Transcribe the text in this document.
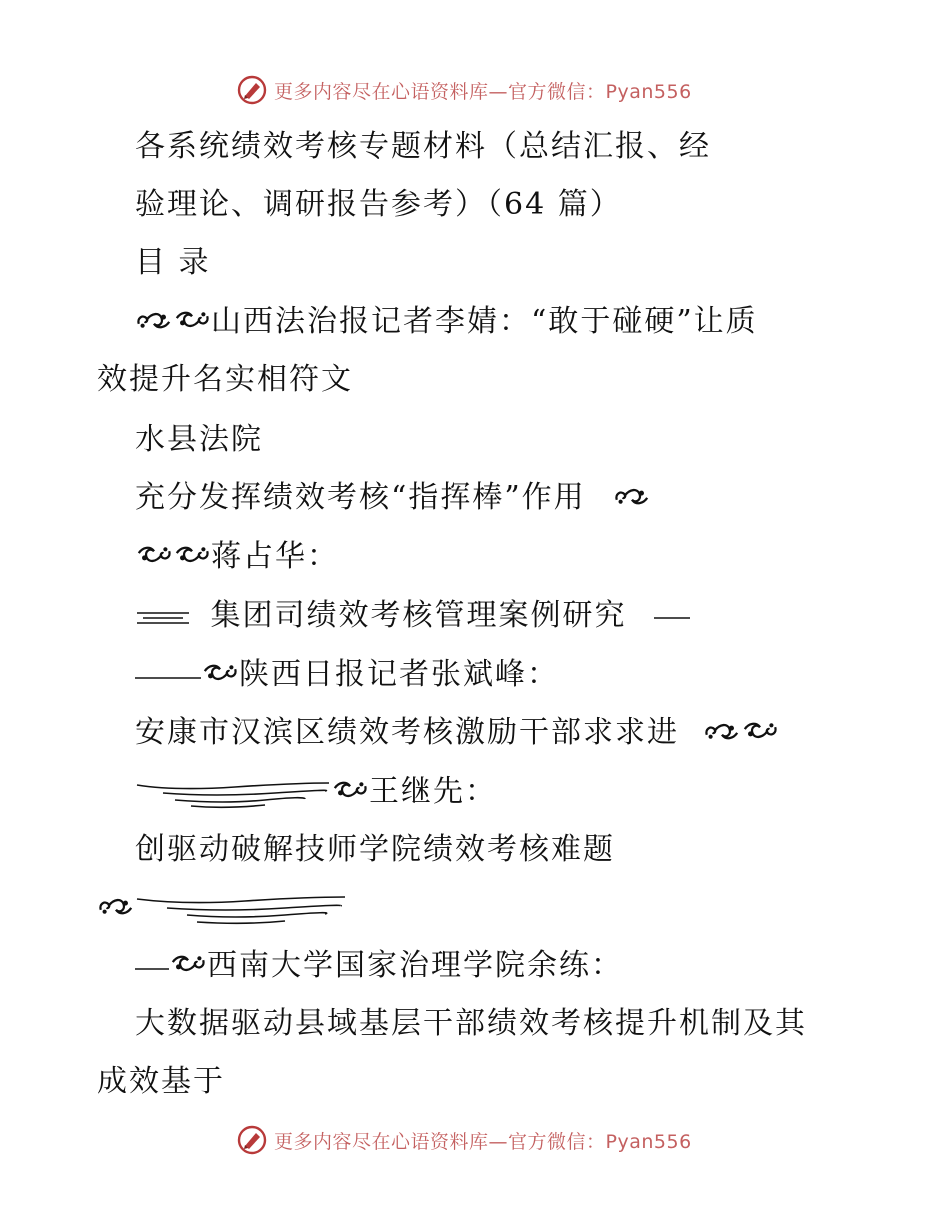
更多内容尽在心语资料库—官方微信：Pyan556
各系统绩效考核专题材料（总结汇报、经
验理论、调研报告参考）（64 篇）
目 录
山西法治报记者李婧：“敢于碰硬”让质
效提升名实相符文
水县法院
充分发挥绩效考核“指挥棒”作用
蒋占华：
集团司绩效考核管理案例研究
陕西日报记者张斌峰：
安康市汉滨区绩效考核激励干部求求进
王继先：
创驱动破解技师学院绩效考核难题
西南大学国家治理学院余练：
大数据驱动县域基层干部绩效考核提升机制及其
成效基于
更多内容尽在心语资料库—官方微信：Pyan556
